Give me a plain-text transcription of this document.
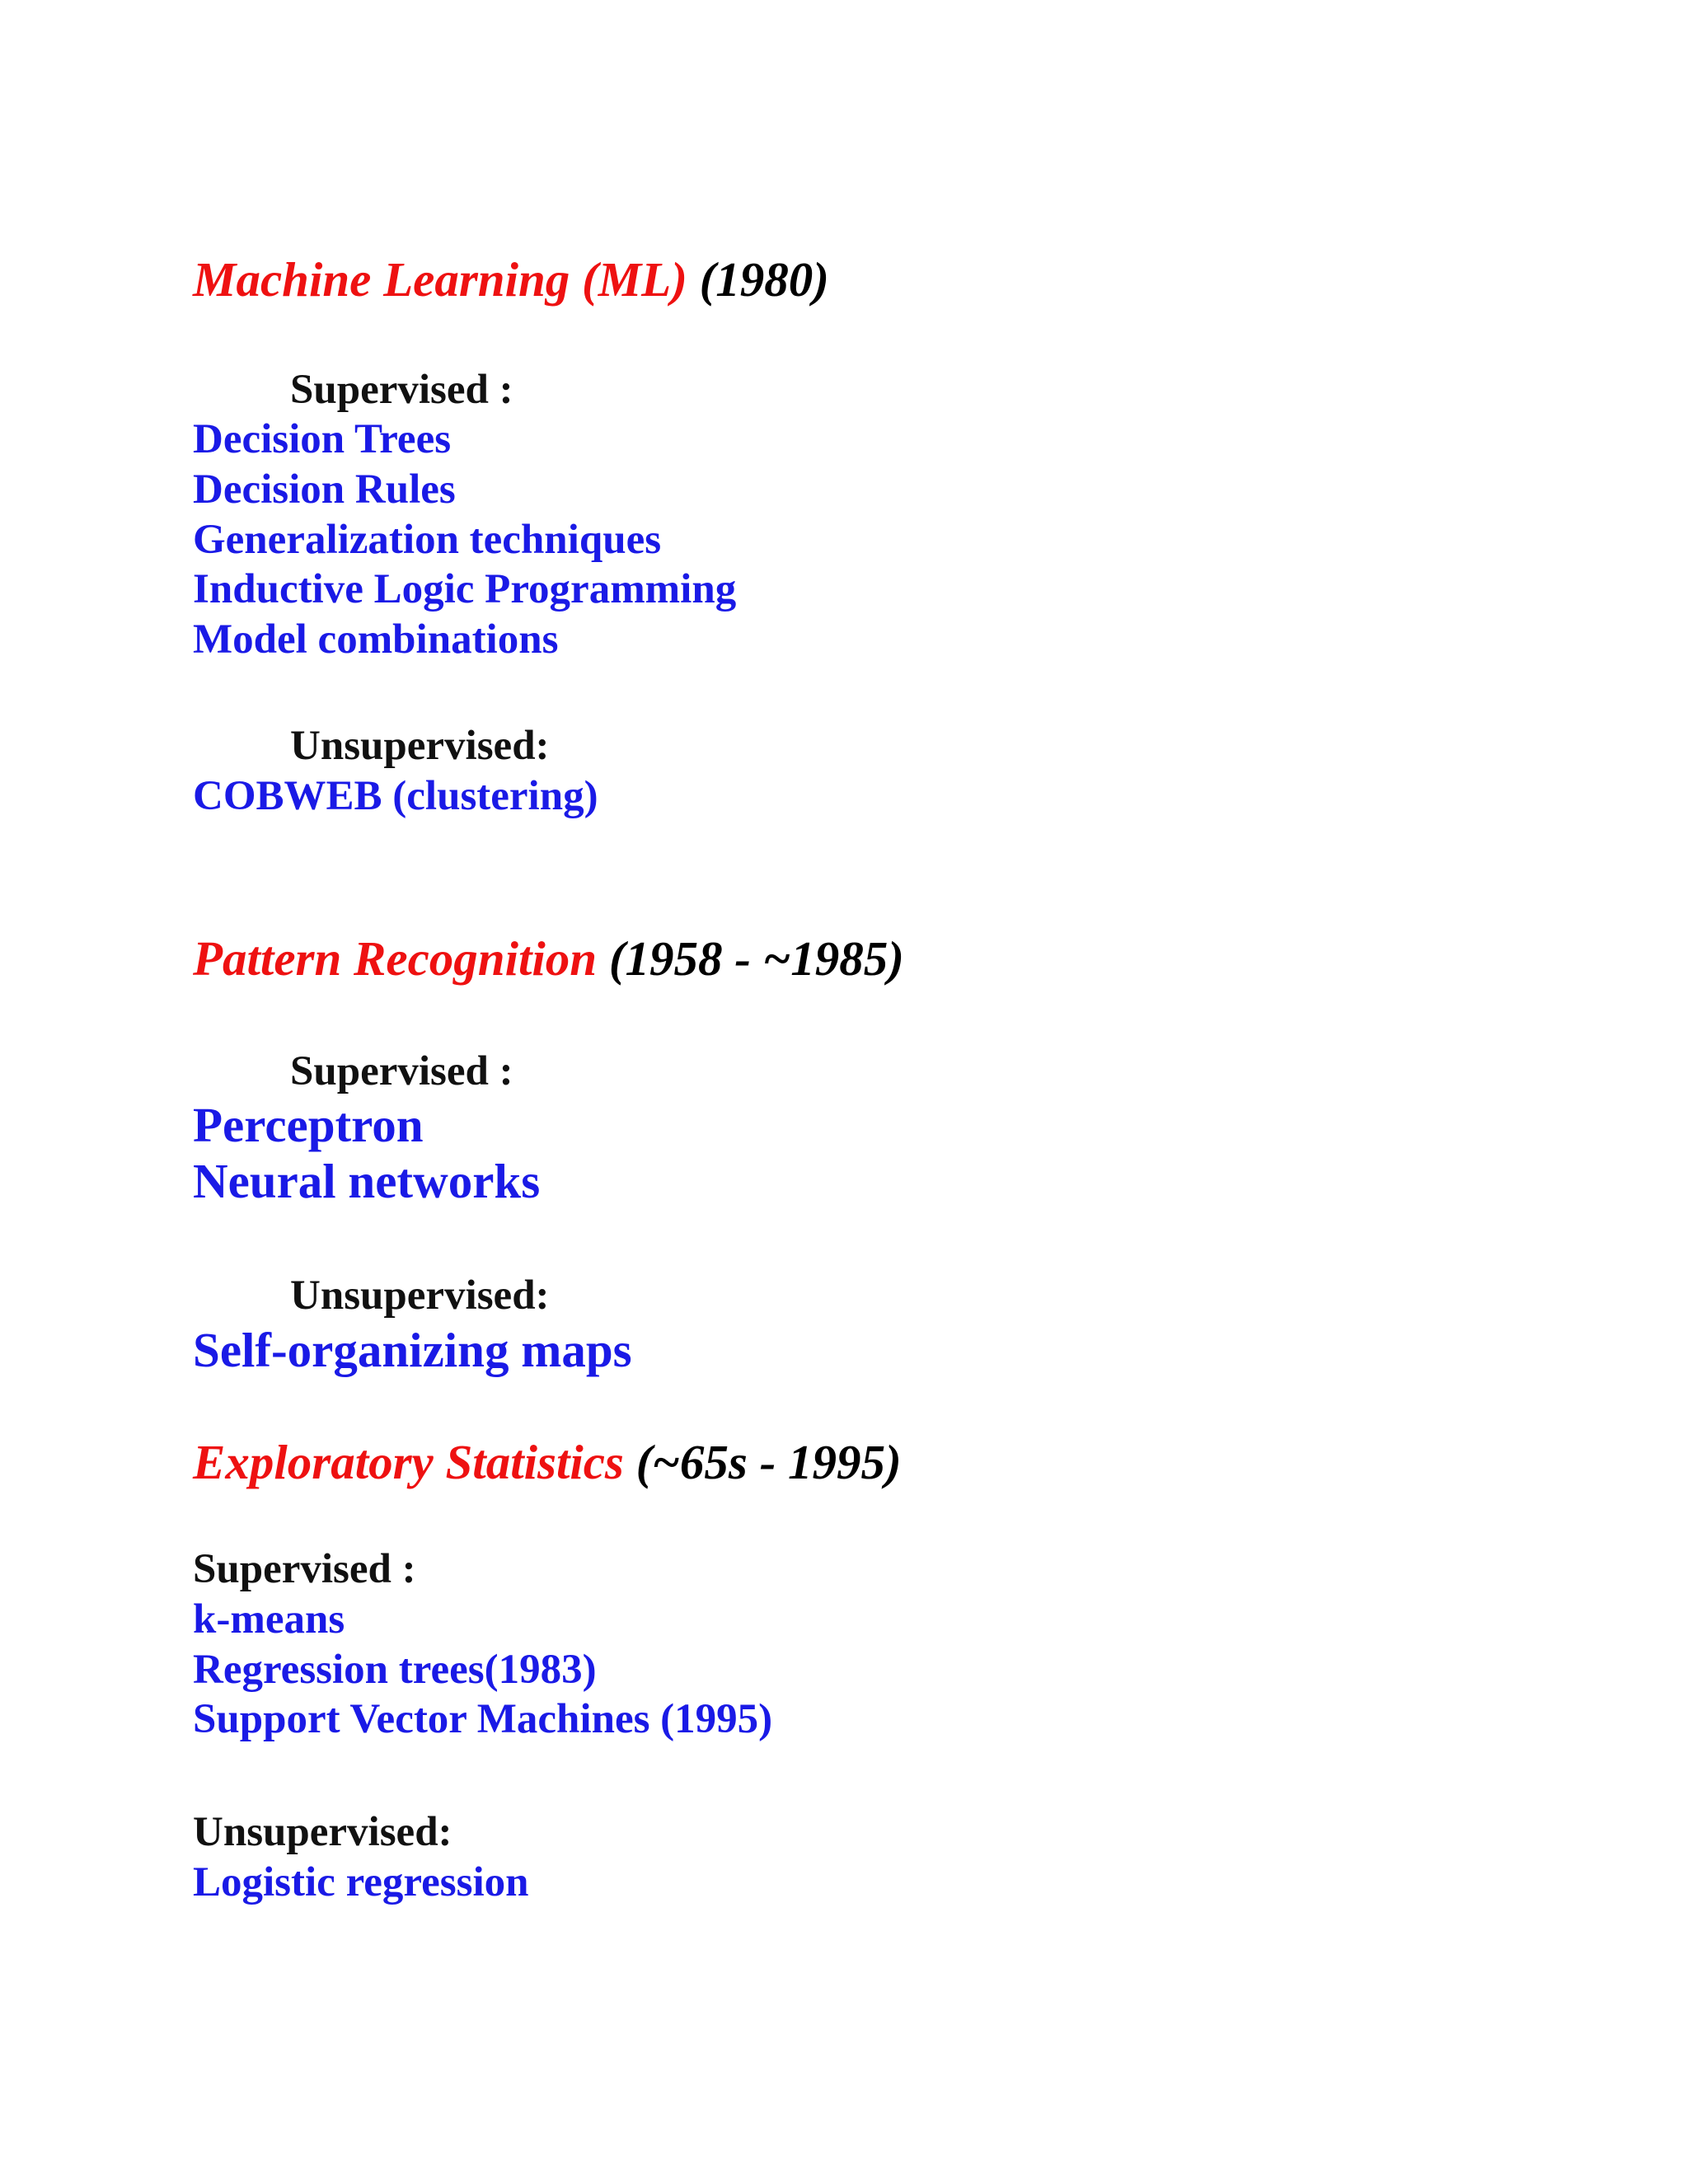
Machine Learning (ML) (1980)
Supervised :
Decision Trees
Decision Rules
Generalization techniques
Inductive Logic Programming
Model combinations
Unsupervised:
COBWEB (clustering)
Pattern Recognition (1958 - ~1985)
Supervised :
Perceptron
Neural networks
Unsupervised:
Self-organizing maps
Exploratory Statistics (~65s - 1995)
Supervised :
k-means
Regression trees(1983)
Support Vector Machines (1995)
Unsupervised:
Logistic regression
